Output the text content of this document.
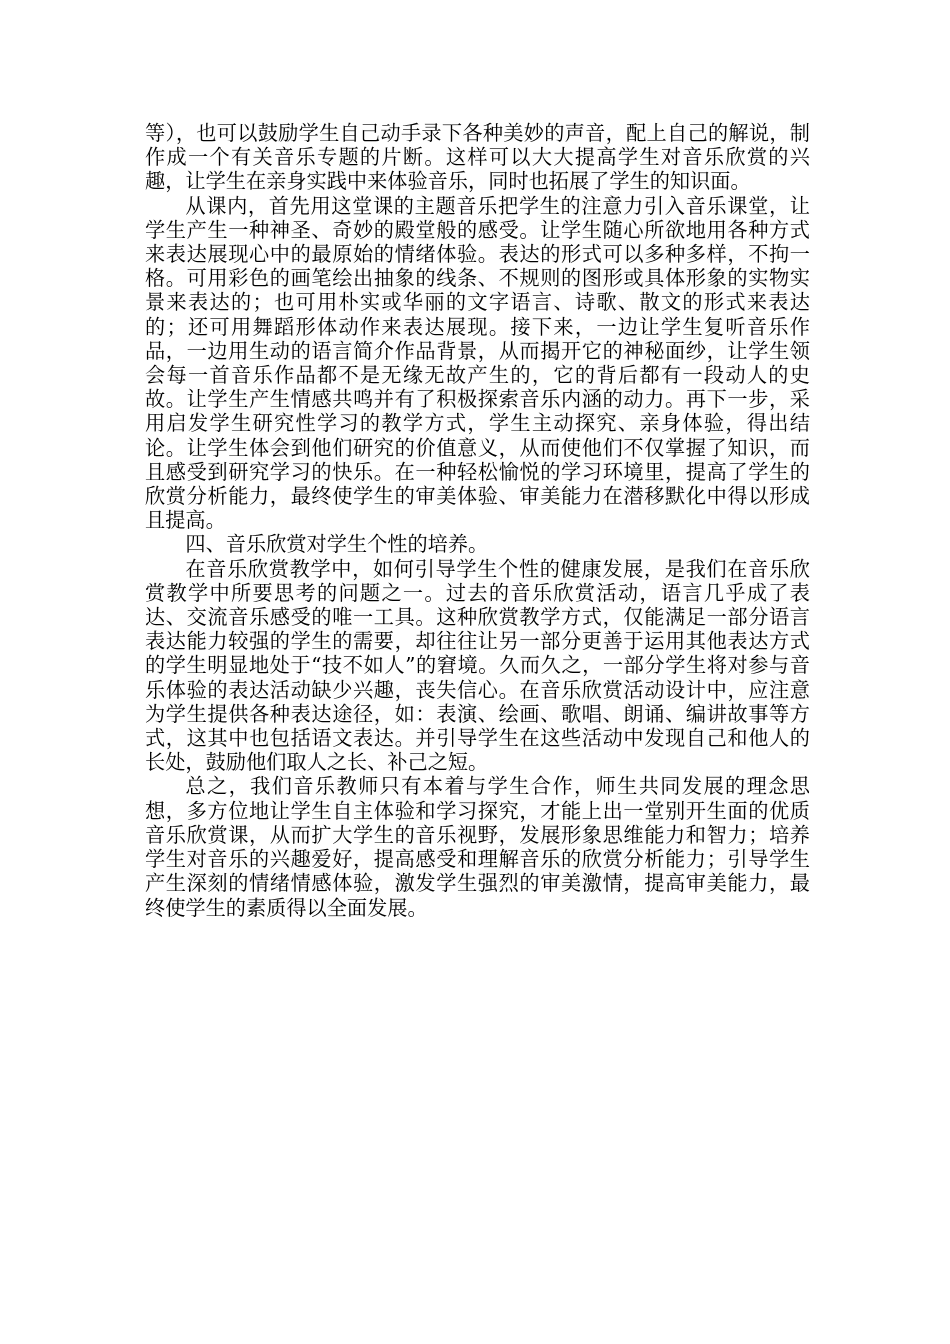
等），也可以鼓励学生自己动手录下各种美妙的声音，配上自己的解说，制作成一个有关音乐专题的片断。这样可以大大提高学生对音乐欣赏的兴趣，让学生在亲身实践中来体验音乐，同时也拓展了学生的知识面。

从课内，首先用这堂课的主题音乐把学生的注意力引入音乐课堂，让学生产生一种神圣、奇妙的殿堂般的感受。让学生随心所欲地用各种方式来表达展现心中的最原始的情绪体验。表达的形式可以多种多样，不拘一格。可用彩色的画笔绘出抽象的线条、不规则的图形或具体形象的实物实景来表达的；也可用朴实或华丽的文字语言、诗歌、散文的形式来表达的；还可用舞蹈形体动作来表达展现。接下来，一边让学生复听音乐作品，一边用生动的语言简介作品背景，从而揭开它的神秘面纱，让学生领会每一首音乐作品都不是无缘无故产生的，它的背后都有一段动人的史故。让学生产生情感共鸣并有了积极探索音乐内涵的动力。再下一步，采用启发学生研究性学习的教学方式，学生主动探究、亲身体验，得出结论。让学生体会到他们研究的价值意义，从而使他们不仅掌握了知识，而且感受到研究学习的快乐。在一种轻松愉悦的学习环境里，提高了学生的欣赏分析能力，最终使学生的审美体验、审美能力在潜移默化中得以形成且提高。

四、音乐欣赏对学生个性的培养。

在音乐欣赏教学中，如何引导学生个性的健康发展，是我们在音乐欣赏教学中所要思考的问题之一。过去的音乐欣赏活动，语言几乎成了表达、交流音乐感受的唯一工具。这种欣赏教学方式，仅能满足一部分语言表达能力较强的学生的需要，却往往让另一部分更善于运用其他表达方式的学生明显地处于“技不如人”的窘境。久而久之，一部分学生将对参与音乐体验的表达活动缺少兴趣，丧失信心。在音乐欣赏活动设计中，应注意为学生提供各种表达途径，如：表演、绘画、歌唱、朗诵、编讲故事等方式，这其中也包括语文表达。并引导学生在这些活动中发现自己和他人的长处，鼓励他们取人之长、补己之短。

总之，我们音乐教师只有本着与学生合作，师生共同发展的理念思想，多方位地让学生自主体验和学习探究，才能上出一堂别开生面的优质音乐欣赏课，从而扩大学生的音乐视野，发展形象思维能力和智力；培养学生对音乐的兴趣爱好，提高感受和理解音乐的欣赏分析能力；引导学生产生深刻的情绪情感体验，激发学生强烈的审美激情，提高审美能力，最终使学生的素质得以全面发展。
